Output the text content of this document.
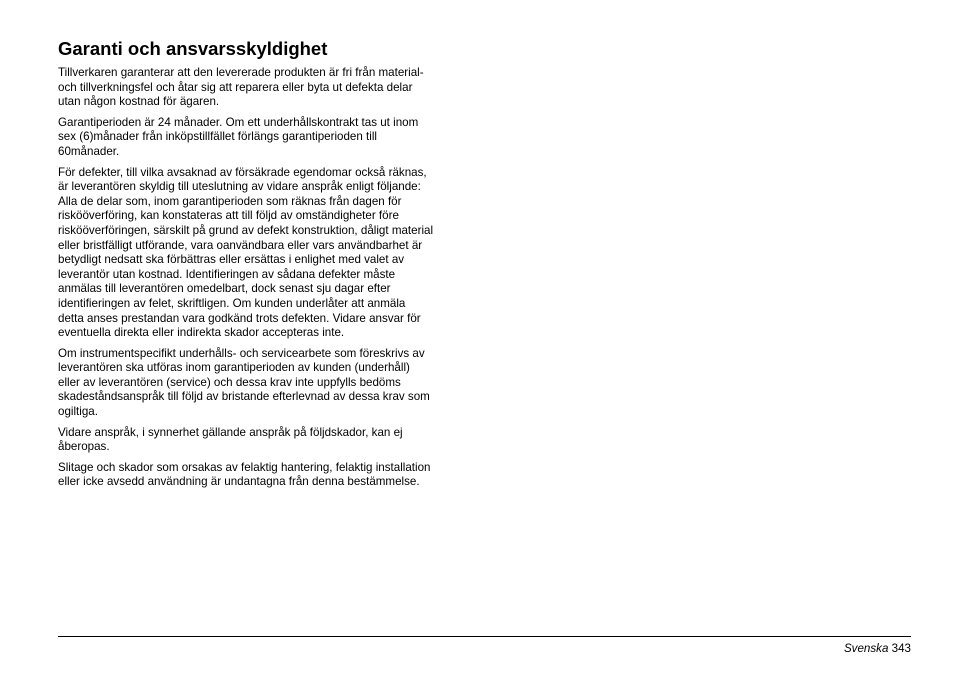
Garanti och ansvarsskyldighet

Tillverkaren garanterar att den levererade produkten är fri från material-
och tillverkningsfel och åtar sig att reparera eller byta ut defekta delar
utan någon kostnad för ägaren.

Garantiperioden är 24 månader. Om ett underhållskontrakt tas ut inom
sex (6)månader från inköpstillfället förlängs garantiperioden till
60månader.

För defekter, till vilka avsaknad av försäkrade egendomar också räknas,
är leverantören skyldig till uteslutning av vidare anspråk enligt följande:
Alla de delar som, inom garantiperioden som räknas från dagen för
riskööverföring, kan konstateras att till följd av omständigheter före
riskööverföringen, särskilt på grund av defekt konstruktion, dåligt material
eller bristfälligt utförande, vara oanvändbara eller vars användbarhet är
betydligt nedsatt ska förbättras eller ersättas i enlighet med valet av
leverantör utan kostnad. Identifieringen av sådana defekter måste
anmälas till leverantören omedelbart, dock senast sju dagar efter
identifieringen av felet, skriftligen. Om kunden underlåter att anmäla
detta anses prestandan vara godkänd trots defekten. Vidare ansvar för
eventuella direkta eller indirekta skador accepteras inte.

Om instrumentspecifikt underhålls- och servicearbete som föreskrivs av
leverantören ska utföras inom garantiperioden av kunden (underhåll)
eller av leverantören (service) och dessa krav inte uppfylls bedöms
skadeståndsanspråk till följd av bristande efterlevnad av dessa krav som
ogiltiga.

Vidare anspråk, i synnerhet gällande anspråk på följdskador, kan ej
åberopas.

Slitage och skador som orsakas av felaktig hantering, felaktig installation
eller icke avsedd användning är undantagna från denna bestämmelse.

Svenska 343
